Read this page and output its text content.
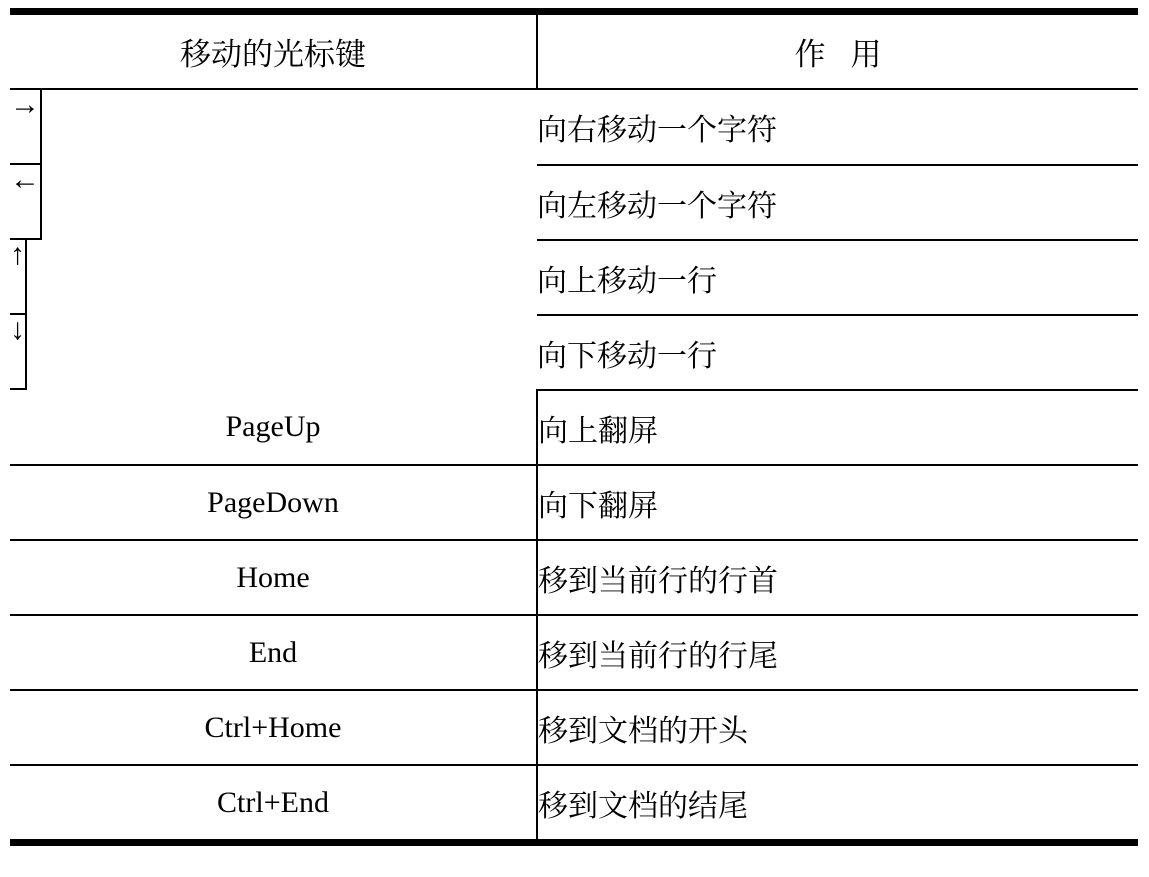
移动的光标键	作 用
→向右移动一个字符
←向左移动一个字符
↑向上移动一行
↓向下移动一行
PageUp	向上翻屏
PageDown	向下翻屏
Home	移到当前行的行首
End	移到当前行的行尾
Ctrl+Home	移到文档的开头
Ctrl+End	移到文档的结尾
